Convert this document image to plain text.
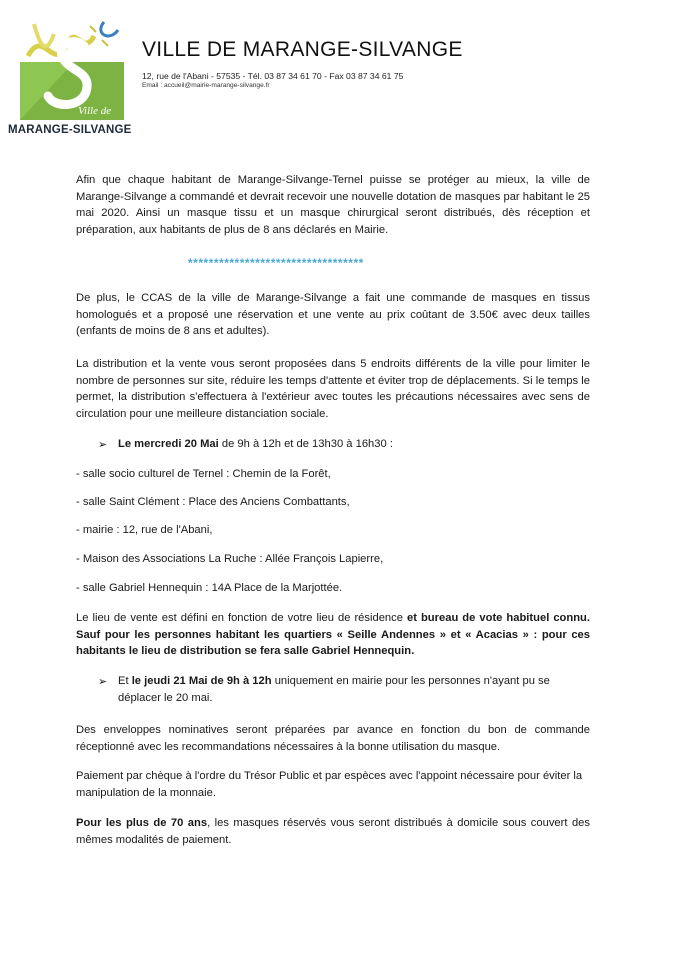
Ville de
MARANGE-SILVANGE
VILLE DE MARANGE-SILVANGE
12, rue de l'Abani - 57535 - Tél. 03 87 34 61 70 - Fax 03 87 34 61 75
Email : accueil@mairie-marange-silvange.fr

Afin que chaque habitant de Marange-Silvange-Ternel puisse se protéger au mieux, la ville de Marange-Silvange a commandé et devrait recevoir une nouvelle dotation de masques par habitant le 25 mai 2020. Ainsi un masque tissu et un masque chirurgical seront distribués, dès réception et préparation, aux habitants de plus de 8 ans déclarés en Mairie.

**********************************

De plus, le CCAS de la ville de Marange-Silvange a fait une commande de masques en tissus homologués et a proposé une réservation et une vente au prix coûtant de 3.50€ avec deux tailles (enfants de moins de 8 ans et adultes).

La distribution et la vente vous seront proposées dans 5 endroits différents de la ville pour limiter le nombre de personnes sur site, réduire les temps d'attente et éviter trop de déplacements. Si le temps le permet, la distribution s'effectuera à l'extérieur avec toutes les précautions nécessaires avec sens de circulation pour une meilleure distanciation sociale.

➢ Le mercredi 20 Mai de 9h à 12h et de 13h30 à 16h30 :

- salle socio culturel de Ternel : Chemin de la Forêt,
- salle Saint Clément : Place des Anciens Combattants,
- mairie : 12, rue de l'Abani,
- Maison des Associations La Ruche : Allée François Lapierre,
- salle Gabriel Hennequin : 14A Place de la Marjottée.

Le lieu de vente est défini en fonction de votre lieu de résidence et bureau de vote habituel connu. Sauf pour les personnes habitant les quartiers « Seille Andennes » et « Acacias » : pour ces habitants le lieu de distribution se fera salle Gabriel Hennequin.

➢ Et le jeudi 21 Mai de 9h à 12h uniquement en mairie pour les personnes n'ayant pu se déplacer le 20 mai.

Des enveloppes nominatives seront préparées par avance en fonction du bon de commande réceptionné avec les recommandations nécessaires à la bonne utilisation du masque.

Paiement par chèque à l'ordre du Trésor Public et par espèces avec l'appoint nécessaire pour éviter la manipulation de la monnaie.

Pour les plus de 70 ans, les masques réservés vous seront distribués à domicile sous couvert des mêmes modalités de paiement.
